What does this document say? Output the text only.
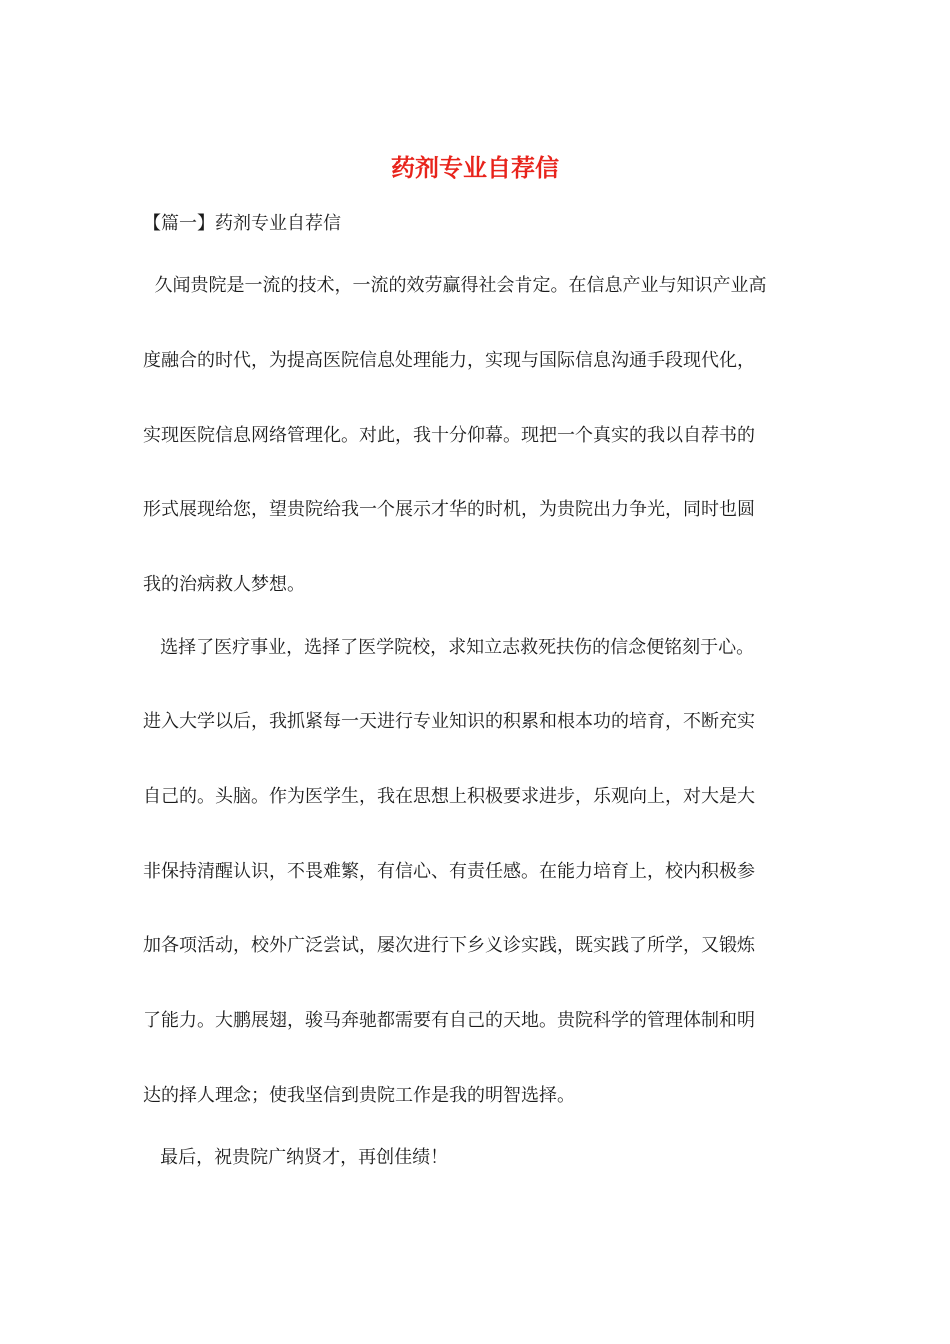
药剂专业自荐信

【篇一】药剂专业自荐信

久闻贵院是一流的技术，一流的效劳赢得社会肯定。在信息产业与知识产业高

度融合的时代，为提高医院信息处理能力，实现与国际信息沟通手段现代化，

实现医院信息网络管理化。对此，我十分仰幕。现把一个真实的我以自荐书的

形式展现给您，望贵院给我一个展示才华的时机，为贵院出力争光，同时也圆

我的治病救人梦想。

选择了医疗事业，选择了医学院校，求知立志救死扶伤的信念便铭刻于心。

进入大学以后，我抓紧每一天进行专业知识的积累和根本功的培育，不断充实

自己的。头脑。作为医学生，我在思想上积极要求进步，乐观向上，对大是大

非保持清醒认识，不畏难繁，有信心、有责任感。在能力培育上，校内积极参

加各项活动，校外广泛尝试，屡次进行下乡义诊实践，既实践了所学，又锻炼

了能力。大鹏展翅，骏马奔驰都需要有自己的天地。贵院科学的管理体制和明

达的择人理念；使我坚信到贵院工作是我的明智选择。

最后，祝贵院广纳贤才，再创佳绩！
